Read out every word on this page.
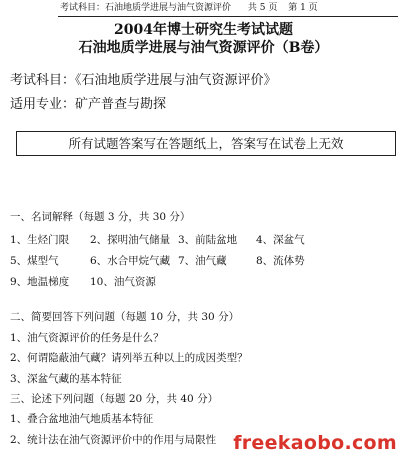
考试科目：石油地质学进展与油气资源评价 共 5 页 第 1 页
2004年博士研究生考试试题
石油地质学进展与油气资源评价（B卷）
考试科目：《石油地质学进展与油气资源评价》
适用专业：矿产普查与勘探
所有试题答案写在答题纸上，答案写在试卷上无效
一、名词解释（每题 3 分，共 30 分）
1、生烃门限 2、探明油气储量 3、前陆盆地 4、深盆气
5、煤型气	6、水合甲烷气藏 7、油气藏	8、流体势
9、地温梯度 10、油气资源
二、简要回答下列问题（每题 10 分，共 30 分）
1、油气资源评价的任务是什么？
2、何谓隐蔽油气藏？请列举五种以上的成因类型？
3、深盆气藏的基本特征
三、论述下列问题（每题 20 分，共 40 分）
1、叠合盆地油气地质基本特征
2、统计法在油气资源评价中的作用与局限性 freekaobo.com
